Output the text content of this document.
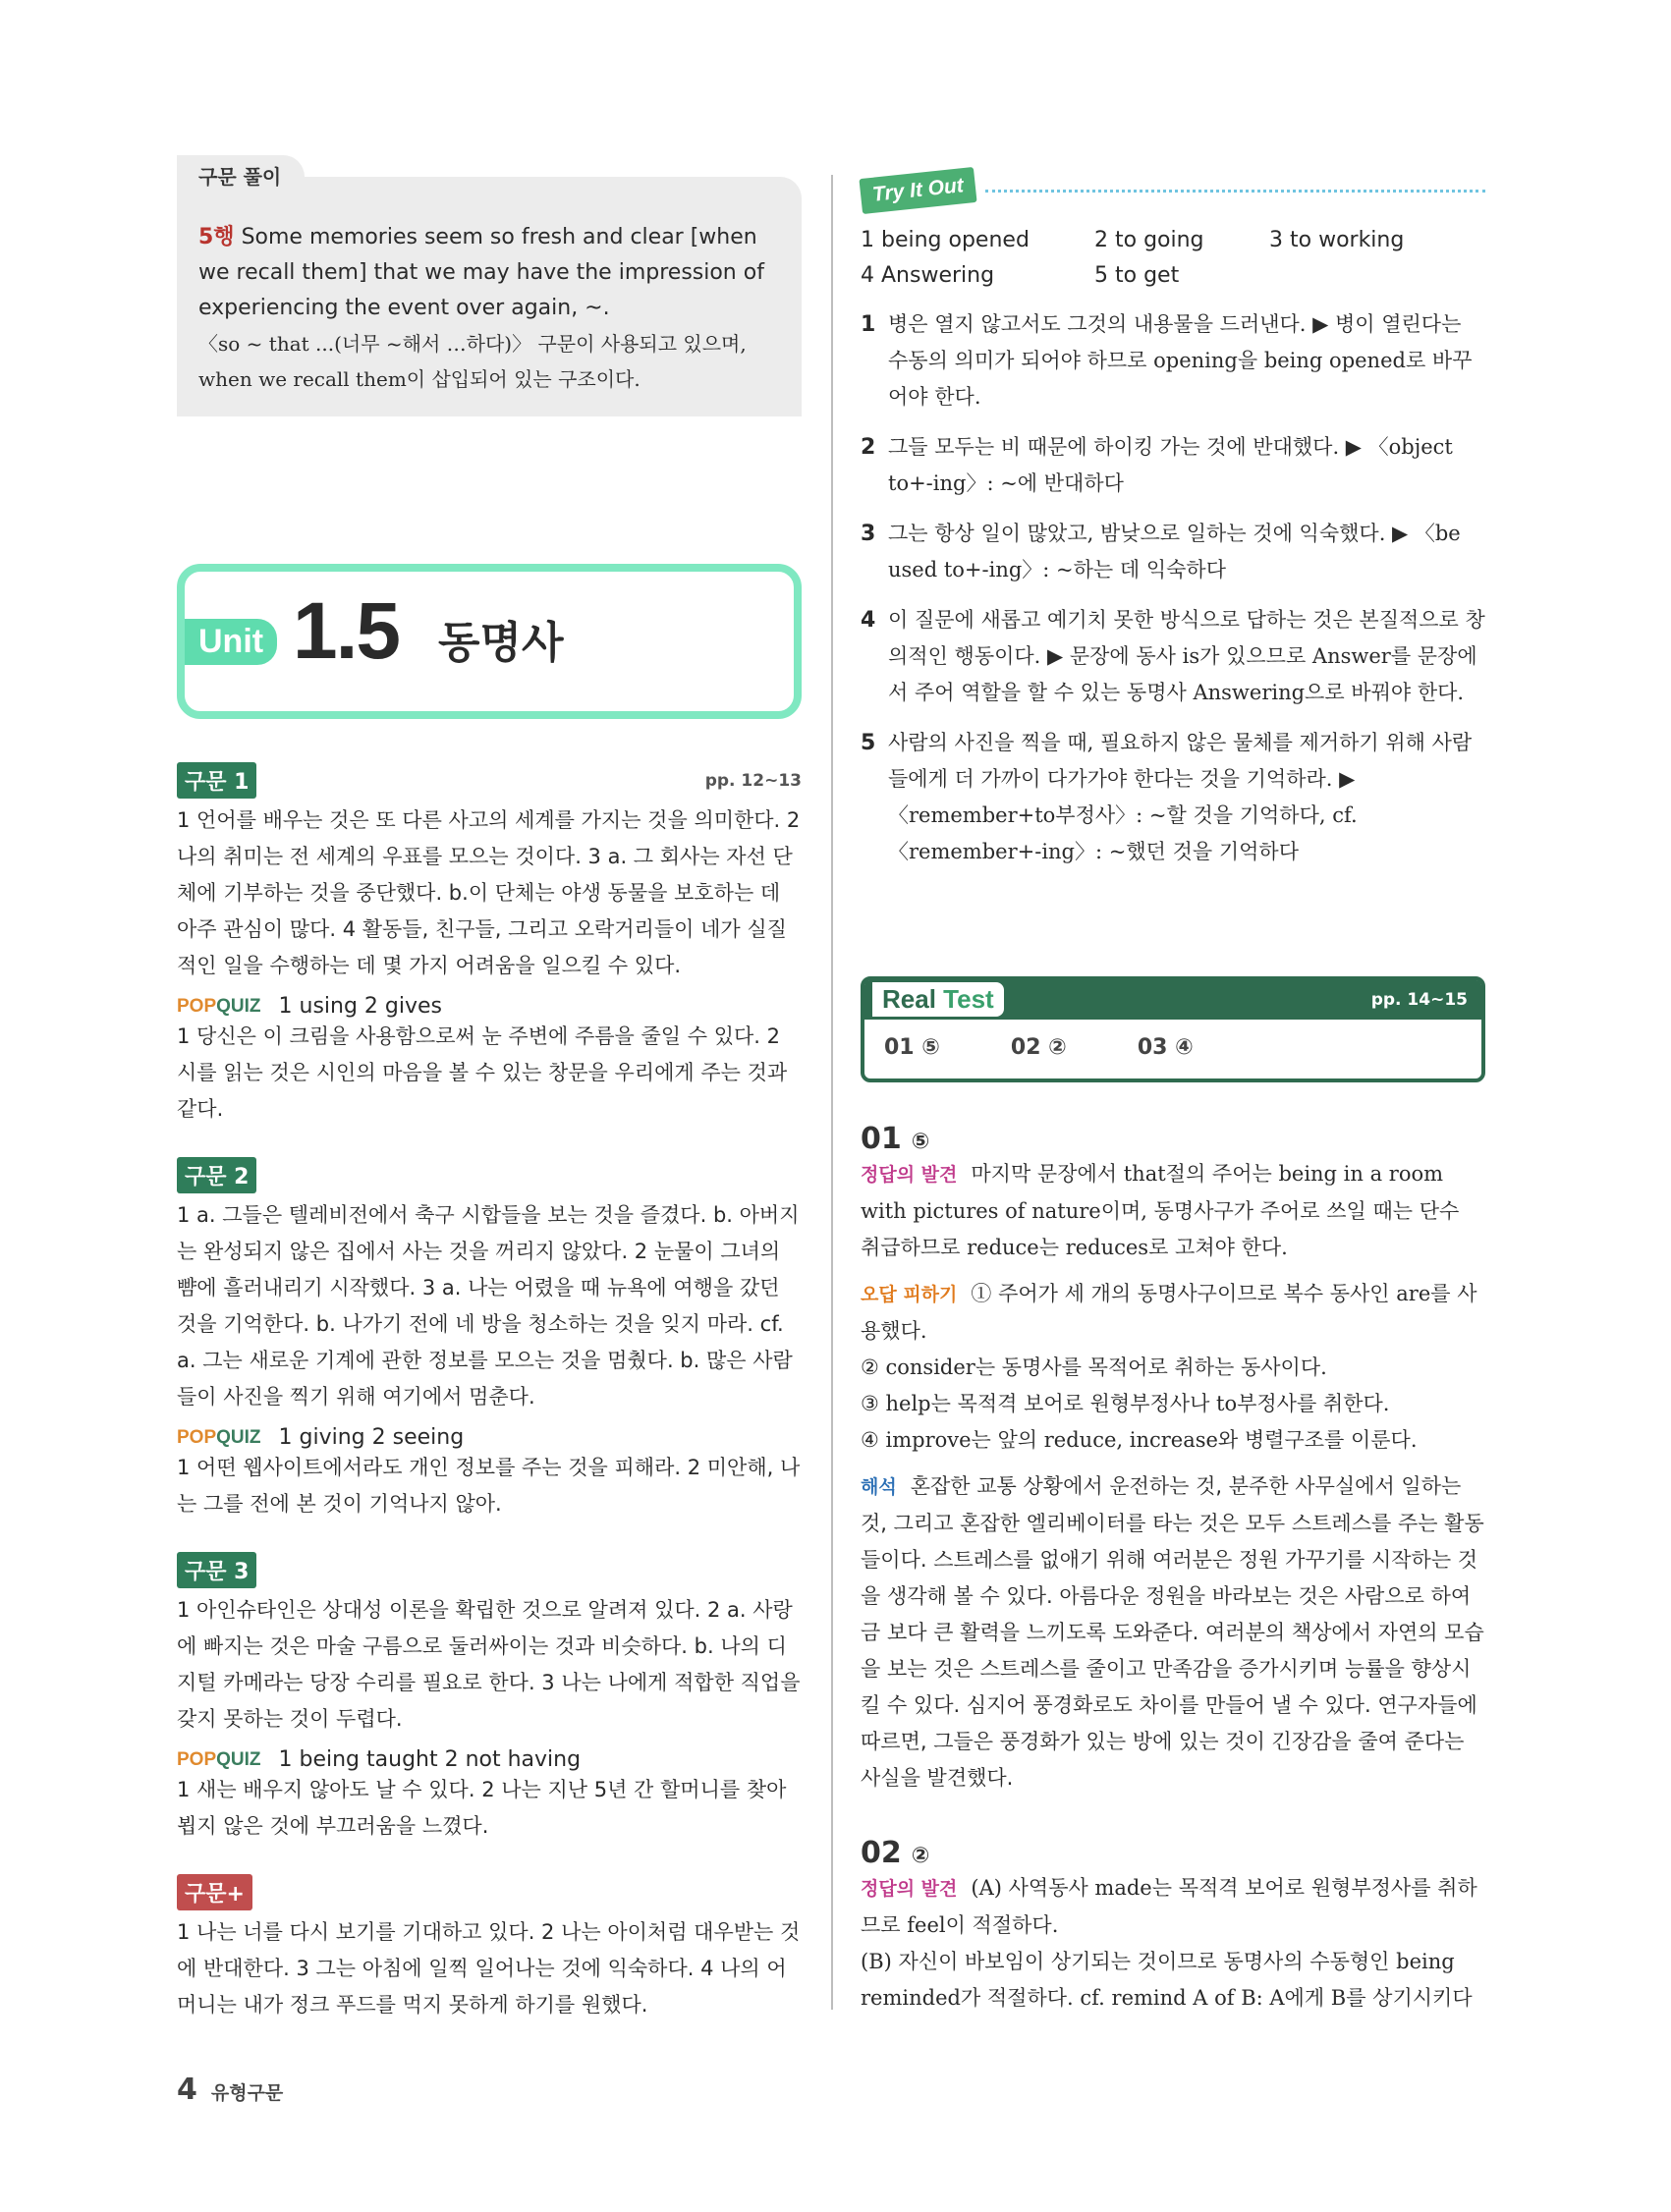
구문 풀이

5행 Some memories seem so fresh and clear [when we recall them] that we may have the impression of experiencing the event over again, ~.

〈so ~ that ...(너무 ~해서 …하다)〉 구문이 사용되고 있으며, when we recall them이 삽입되어 있는 구조이다.

Unit 1.5 동명사
구문 1	pp. 12~13

1 언어를 배우는 것은 또 다른 사고의 세계를 가지는 것을 의미한다. 2 나의 취미는 전 세계의 우표를 모으는 것이다. 3 a. 그 회사는 자선 단체에 기부하는 것을 중단했다. b.이 단체는 야생 동물을 보호하는 데 아주 관심이 많다. 4 활동들, 친구들, 그리고 오락거리들이 네가 실질적인 일을 수행하는 데 몇 가지 어려움을 일으킬 수 있다.

POPQUIZ 1 using 2 gives

1 당신은 이 크림을 사용함으로써 눈 주변에 주름을 줄일 수 있다. 2 시를 읽는 것은 시인의 마음을 볼 수 있는 창문을 우리에게 주는 것과 같다.

구문 2

1 a. 그들은 텔레비전에서 축구 시합들을 보는 것을 즐겼다. b. 아버지는 완성되지 않은 집에서 사는 것을 꺼리지 않았다. 2 눈물이 그녀의 뺨에 흘러내리기 시작했다. 3 a. 나는 어렸을 때 뉴욕에 여행을 갔던 것을 기억한다. b. 나가기 전에 네 방을 청소하는 것을 잊지 마라. cf. a. 그는 새로운 기계에 관한 정보를 모으는 것을 멈췄다. b. 많은 사람들이 사진을 찍기 위해 여기에서 멈춘다.

POPQUIZ 1 giving 2 seeing

1 어떤 웹사이트에서라도 개인 정보를 주는 것을 피해라. 2 미안해, 나는 그를 전에 본 것이 기억나지 않아.

구문 3

1 아인슈타인은 상대성 이론을 확립한 것으로 알려져 있다. 2 a. 사랑에 빠지는 것은 마술 구름으로 둘러싸이는 것과 비슷하다. b. 나의 디지털 카메라는 당장 수리를 필요로 한다. 3 나는 나에게 적합한 직업을 갖지 못하는 것이 두렵다.

POPQUIZ 1 being taught 2 not having

1 새는 배우지 않아도 날 수 있다. 2 나는 지난 5년 간 할머니를 찾아뵙지 않은 것에 부끄러움을 느꼈다.

구문+

1 나는 너를 다시 보기를 기대하고 있다. 2 나는 아이처럼 대우받는 것에 반대한다. 3 그는 아침에 일찍 일어나는 것에 익숙하다. 4 나의 어머니는 내가 정크 푸드를 먹지 못하게 하기를 원했다.

Try It Out
1 being opened	2 to going	3 to working
4 Answering	5 to get
1 병은 열지 않고서도 그것의 내용물을 드러낸다. ▶ 병이 열린다는 수동의 의미가 되어야 하므로 opening을 being opened로 바꾸어야 한다.
2 그들 모두는 비 때문에 하이킹 가는 것에 반대했다. ▶ 〈object to+-ing〉: ~에 반대하다
3 그는 항상 일이 많았고, 밤낮으로 일하는 것에 익숙했다. ▶ 〈be used to+-ing〉: ~하는 데 익숙하다
4 이 질문에 새롭고 예기치 못한 방식으로 답하는 것은 본질적으로 창의적인 행동이다. ▶ 문장에 동사 is가 있으므로 Answer를 문장에서 주어 역할을 할 수 있는 동명사 Answering으로 바꿔야 한다.
5 사람의 사진을 찍을 때, 필요하지 않은 물체를 제거하기 위해 사람들에게 더 가까이 다가가야 한다는 것을 기억하라. ▶ 〈remember+to부정사〉: ~할 것을 기억하다, cf. 〈remember+-ing〉: ~했던 것을 기억하다
Real Test	pp. 14~15
01 ⑤	02 ②	03 ④
01 ⑤

정답의 발견 마지막 문장에서 that절의 주어는 being in a room with pictures of nature이며, 동명사구가 주어로 쓰일 때는 단수 취급하므로 reduce는 reduces로 고쳐야 한다.

오답 피하기 ① 주어가 세 개의 동명사구이므로 복수 동사인 are를 사용했다.

② consider는 동명사를 목적어로 취하는 동사이다.

③ help는 목적격 보어로 원형부정사나 to부정사를 취한다.

④ improve는 앞의 reduce, increase와 병렬구조를 이룬다.

해석 혼잡한 교통 상황에서 운전하는 것, 분주한 사무실에서 일하는 것, 그리고 혼잡한 엘리베이터를 타는 것은 모두 스트레스를 주는 활동들이다. 스트레스를 없애기 위해 여러분은 정원 가꾸기를 시작하는 것을 생각해 볼 수 있다. 아름다운 정원을 바라보는 것은 사람으로 하여금 보다 큰 활력을 느끼도록 도와준다. 여러분의 책상에서 자연의 모습을 보는 것은 스트레스를 줄이고 만족감을 증가시키며 능률을 향상시킬 수 있다. 심지어 풍경화로도 차이를 만들어 낼 수 있다. 연구자들에 따르면, 그들은 풍경화가 있는 방에 있는 것이 긴장감을 줄여 준다는 사실을 발견했다.

02 ②

정답의 발견 (A) 사역동사 made는 목적격 보어로 원형부정사를 취하므로 feel이 적절하다.

(B) 자신이 바보임이 상기되는 것이므로 동명사의 수동형인 being reminded가 적절하다. cf. remind A of B: A에게 B를 상기시키다

4 유형구문
